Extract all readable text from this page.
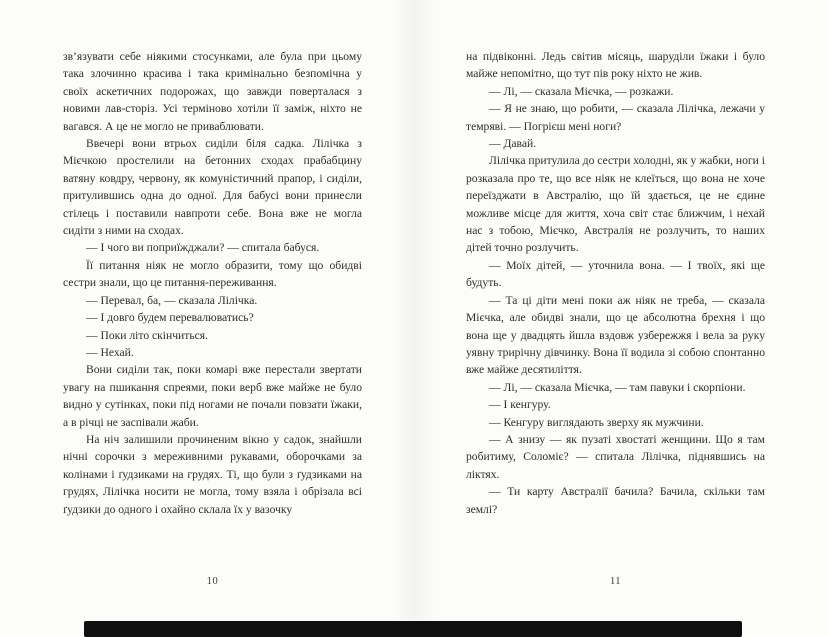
зв’язувати себе ніякими стосунками, але була при цьому така злочинно красива і така кримінально безпомічна у своїх аскетичних подорожах, що завжди поверталася з новими лав-сторіз. Усі терміново хотіли її заміж, ніхто не вагався. А це не могло не приваблювати.

Ввечері вони втрьох сиділи біля садка. Лілічка з Мієчкою простелили на бетонних сходах прабабцину ватяну ковдру, червону, як комуністичний прапор, і сиділи, притулившись одна до одної. Для бабусі вони принесли стілець і поставили навпроти себе. Вона вже не могла сидіти з ними на сходах.

— І чого ви поприїжджали? — спитала бабуся.

Її питання ніяк не могло образити, тому що обидві сестри знали, що це питання-переживання.

— Перевал, ба, — сказала Лілічка.

— І довго будем перевалюватись?

— Поки літо скінчиться.

— Нехай.

Вони сиділи так, поки комарі вже перестали звертати увагу на пшикання спреями, поки верб вже майже не було видно у сутінках, поки під ногами не почали повзати їжаки, а в річці не заспівали жаби.

На ніч залишили прочиненим вікно у садок, знайшли нічні сорочки з мереживними рукавами, оборочками за колінами і ґудзиками на грудях. Ті, що були з ґудзиками на грудях, Лілічка носити не могла, тому взяла і обрізала всі ґудзики до одного і охайно склала їх у вазочку

на підвіконні. Ледь світив місяць, шаруділи їжаки і було майже непомітно, що тут пів року ніхто не жив.

— Лі, — сказала Мієчка, — розкажи.

— Я не знаю, що робити, — сказала Лілічка, лежачи у темряві. — Погрієш мені ноги?

— Давай.

Лілічка притулила до сестри холодні, як у жабки, ноги і розказала про те, що все ніяк не клеїться, що вона не хоче переїзджати в Австралію, що їй здається, це не єдине можливе місце для життя, хоча світ стає ближчим, і нехай нас з тобою, Мієчко, Австралія не розлучить, то наших дітей точно розлучить.

— Моїх дітей, — уточнила вона. — І твоїх, які ще будуть.

— Та ці діти мені поки аж ніяк не треба, — сказала Мієчка, але обидві знали, що це абсолютна брехня і що вона ще у двадцять йшла вздовж узбережжя і вела за руку уявну трирічну дівчинку. Вона її водила зі собою спонтанно вже майже десятиліття.

— Лі, — сказала Мієчка, — там павуки і скорпіони.

— І кенгуру.

— Кенгуру виглядають зверху як мужчини.

— А знизу — як пузаті хвостаті женщини. Що я там робитиму, Соломіє? — спитала Лілічка, піднявшись на ліктях.

— Ти карту Австралії бачила? Бачила, скільки там землі?

10	11
